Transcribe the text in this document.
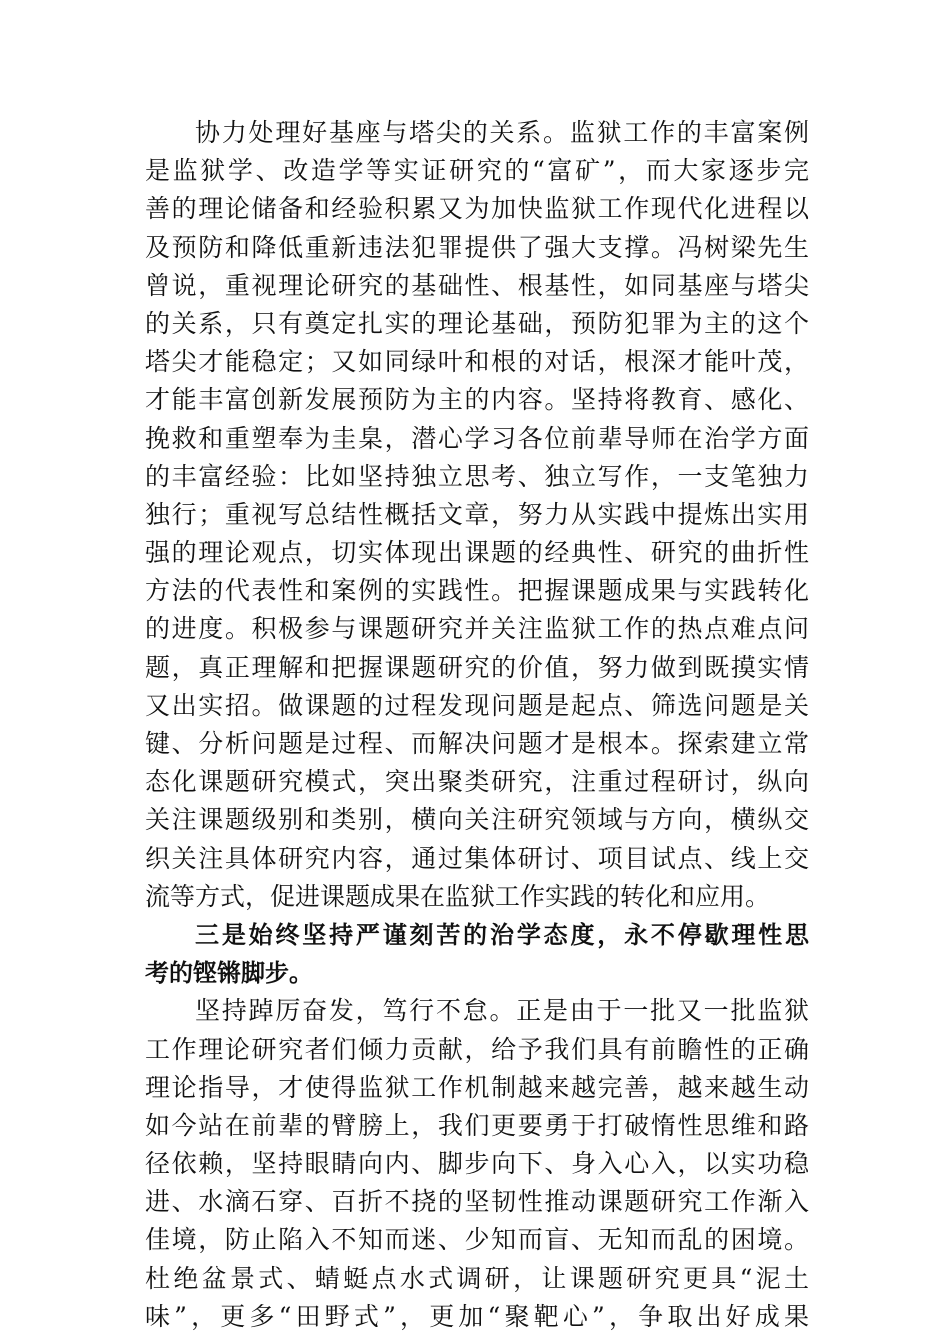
协力处理好基座与塔尖的关系。监狱工作的丰富案例
是监狱学、改造学等实证研究的“富矿”，而大家逐步完
善的理论储备和经验积累又为加快监狱工作现代化进程以
及预防和降低重新违法犯罪提供了强大支撑。冯树梁先生
曾说，重视理论研究的基础性、根基性，如同基座与塔尖
的关系，只有奠定扎实的理论基础，预防犯罪为主的这个
塔尖才能稳定；又如同绿叶和根的对话，根深才能叶茂，
才能丰富创新发展预防为主的内容。坚持将教育、感化、
挽救和重塑奉为圭臬，潜心学习各位前辈导师在治学方面
的丰富经验：比如坚持独立思考、独立写作，一支笔独力
独行；重视写总结性概括文章，努力从实践中提炼出实用
强的理论观点，切实体现出课题的经典性、研究的曲折性
方法的代表性和案例的实践性。把握课题成果与实践转化
的进度。积极参与课题研究并关注监狱工作的热点难点问
题，真正理解和把握课题研究的价值，努力做到既摸实情
又出实招。做课题的过程发现问题是起点、筛选问题是关
键、分析问题是过程、而解决问题才是根本。探索建立常
态化课题研究模式，突出聚类研究，注重过程研讨，纵向
关注课题级别和类别，横向关注研究领域与方向，横纵交
织关注具体研究内容，通过集体研讨、项目试点、线上交
流等方式，促进课题成果在监狱工作实践的转化和应用。
三是始终坚持严谨刻苦的治学态度，永不停歇理性思
考的铿锵脚步。
坚持踔厉奋发，笃行不怠。正是由于一批又一批监狱
工作理论研究者们倾力贡献，给予我们具有前瞻性的正确
理论指导，才使得监狱工作机制越来越完善，越来越生动
如今站在前辈的臂膀上，我们更要勇于打破惰性思维和路
径依赖，坚持眼睛向内、脚步向下、身入心入，以实功稳
进、水滴石穿、百折不挠的坚韧性推动课题研究工作渐入
佳境，防止陷入不知而迷、少知而盲、无知而乱的困境。
杜绝盆景式、蜻蜓点水式调研，让课题研究更具“泥土
味”，更多“田野式”，更加“聚靶心”，争取出好成果
